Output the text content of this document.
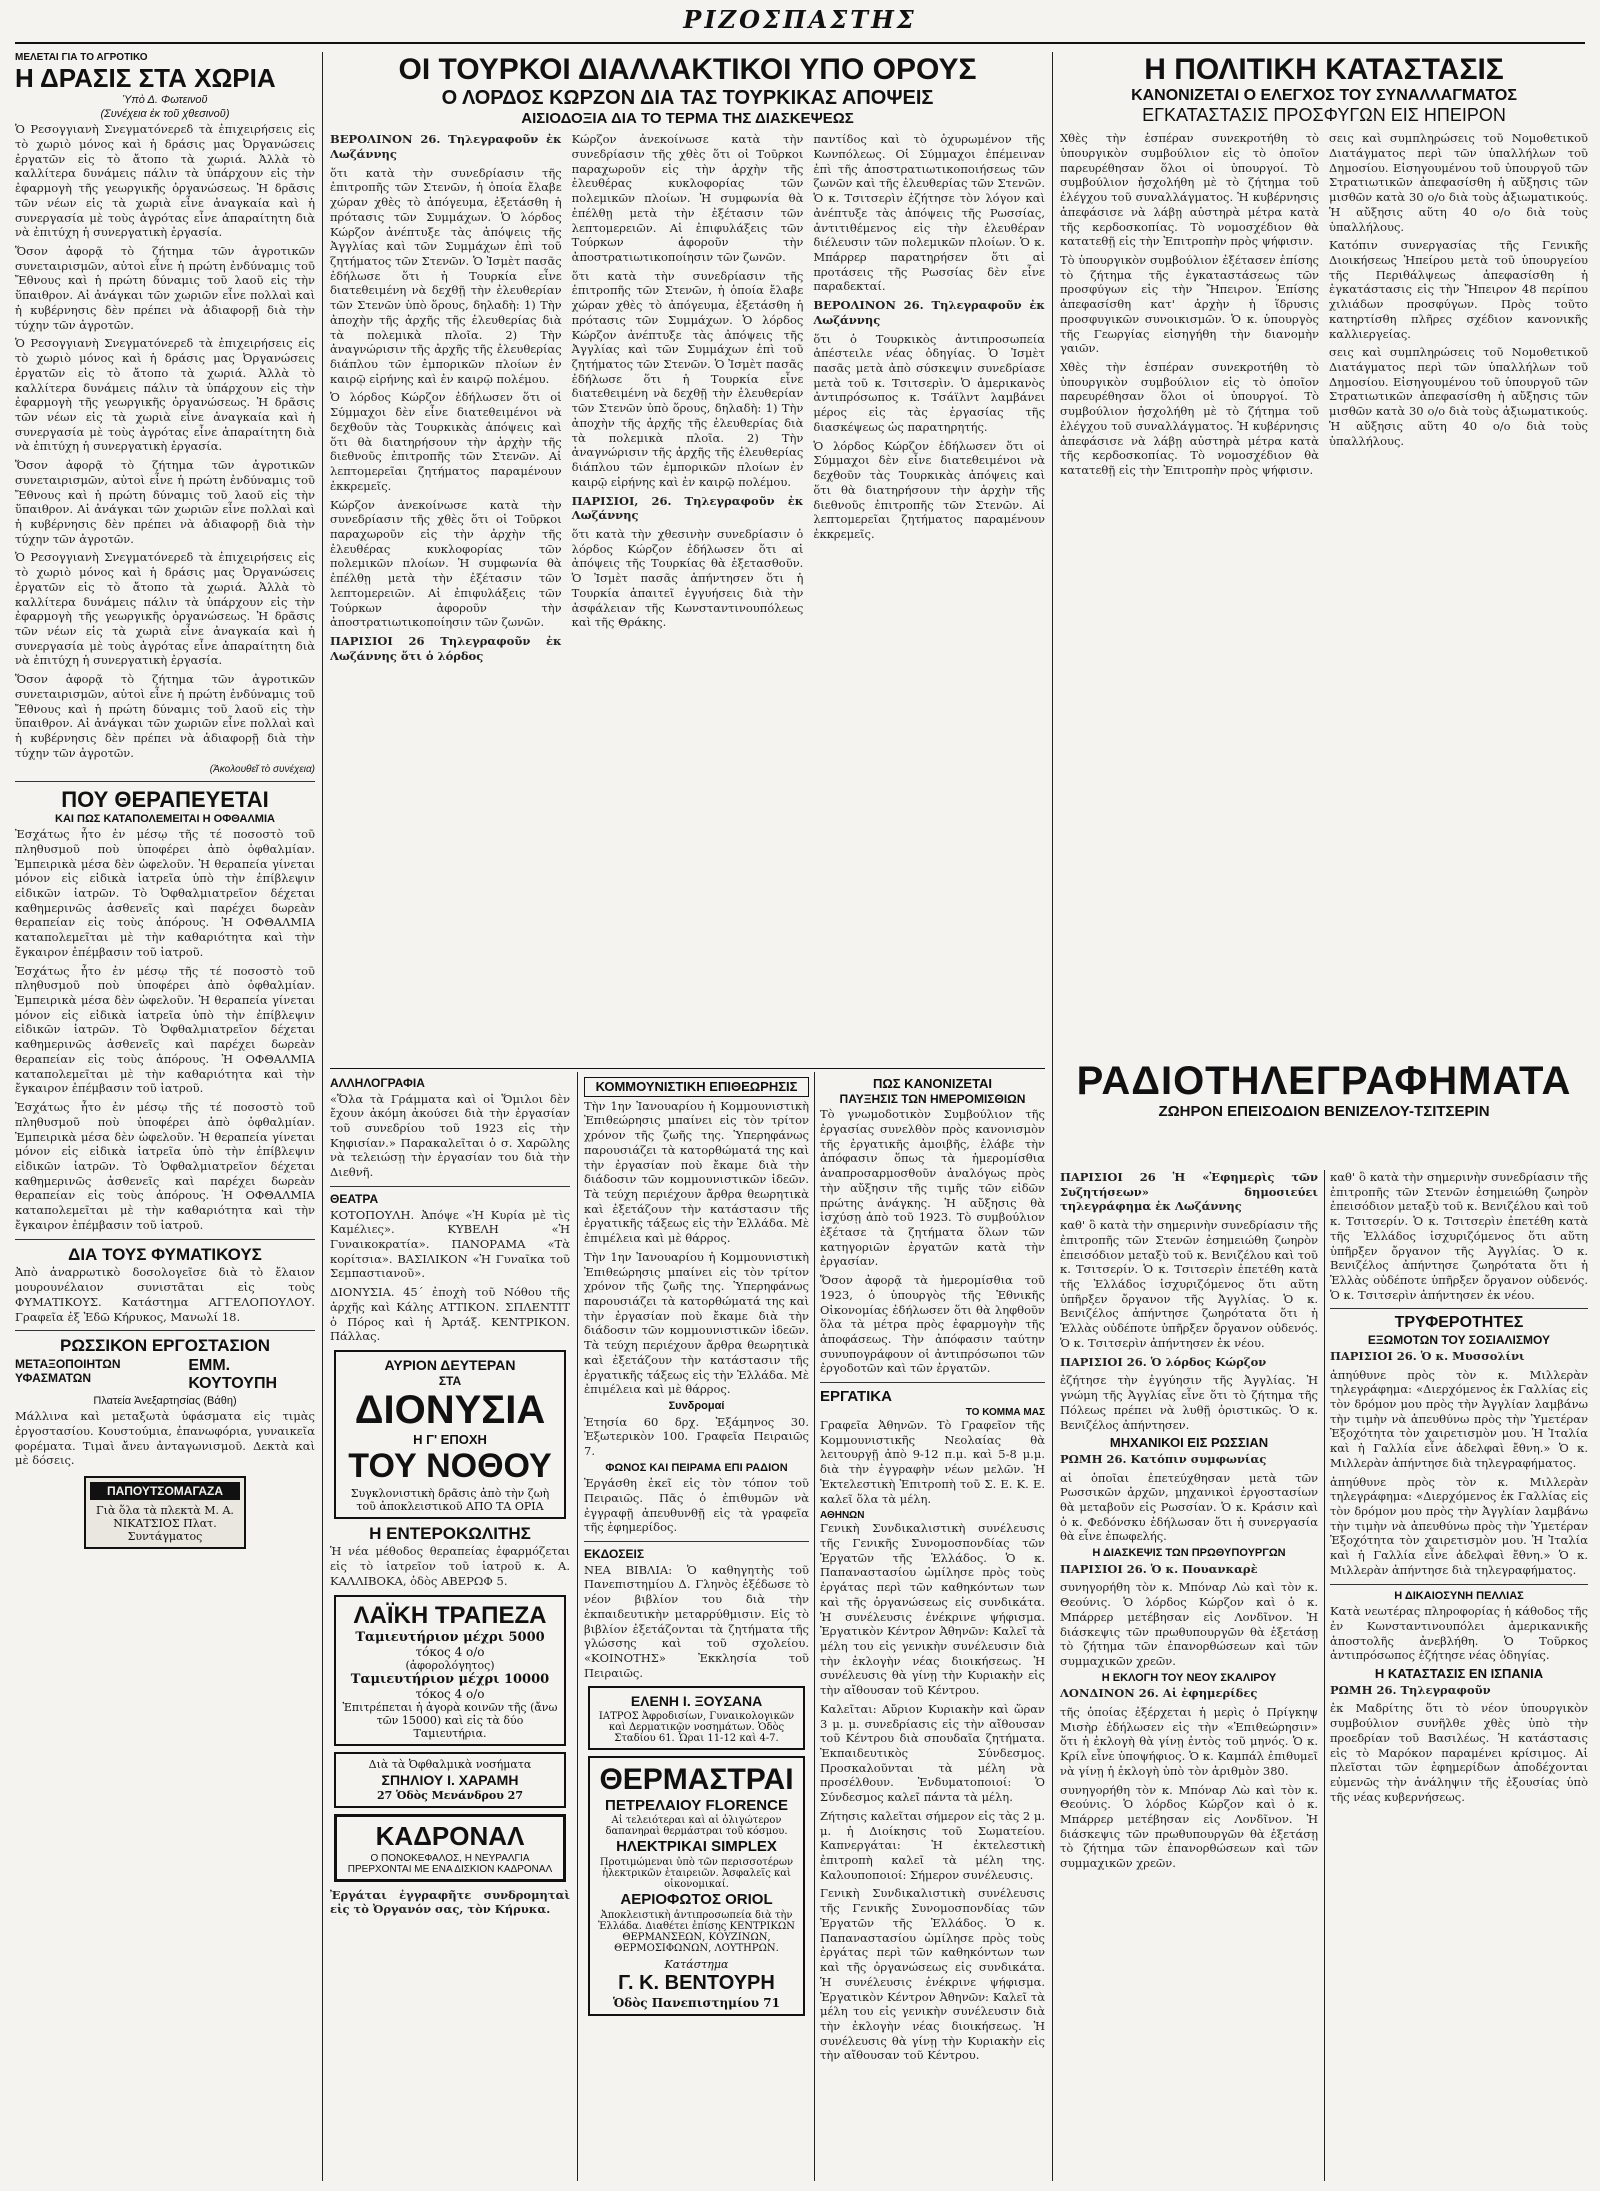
ΡΙΖΟΣΠΑΣΤΗΣ
ΜΕΛΕΤΑΙ ΓΙΑ ΤΟ ΑΓΡΟΤΙΚΟ
Η ΔΡΑΣΙΣ ΣΤΑ ΧΩΡΙΑ
Ὑπὸ Δ. Φωτεινοῦ
(Συνέχεια ἐκ τοῦ χθεσινοῦ)

Ὁ Ρεσογγιανὴ Σνεγματόνερεδ τὰ ἐπιχειρήσεις εἰς τὸ χωριὸ μόνος καὶ ἡ δράσις μας Ὀργανώσεις ἐργατῶν εἰς τὸ ἄτοπο τὰ χωριά. Ἀλλὰ τὸ καλλίτερα δυνάμεις πάλιν τὰ ὑπάρχουν εἰς τὴν ἐφαρμογὴ τῆς γεωργικῆς ὀργανώσεως. Ἡ δρᾶσις τῶν νέων εἰς τὰ χωριὰ εἶνε ἀναγκαία καὶ ἡ συνεργασία μὲ τοὺς ἀγρότας εἶνε ἀπαραίτητη διὰ νὰ ἐπιτύχη ἡ συνεργατικὴ ἐργασία.

Ὅσον ἀφορᾷ τὸ ζήτημα τῶν ἀγροτικῶν συνεταιρισμῶν, αὐτοὶ εἶνε ἡ πρώτη ἐνδύναμις τοῦ Ἔθνους καὶ ἡ πρώτη δύναμις τοῦ λαοῦ εἰς τὴν ὕπαιθρον. Αἱ ἀνάγκαι τῶν χωριῶν εἶνε πολλαὶ καὶ ἡ κυβέρνησις δὲν πρέπει νὰ ἀδιαφορῇ διὰ τὴν τύχην τῶν ἀγροτῶν.

Ὁ Ρεσογγιανὴ Σνεγματόνερεδ τὰ ἐπιχειρήσεις εἰς τὸ χωριὸ μόνος καὶ ἡ δράσις μας Ὀργανώσεις ἐργατῶν εἰς τὸ ἄτοπο τὰ χωριά. Ἀλλὰ τὸ καλλίτερα δυνάμεις πάλιν τὰ ὑπάρχουν εἰς τὴν ἐφαρμογὴ τῆς γεωργικῆς ὀργανώσεως. Ἡ δρᾶσις τῶν νέων εἰς τὰ χωριὰ εἶνε ἀναγκαία καὶ ἡ συνεργασία μὲ τοὺς ἀγρότας εἶνε ἀπαραίτητη διὰ νὰ ἐπιτύχη ἡ συνεργατικὴ ἐργασία.

Ὅσον ἀφορᾷ τὸ ζήτημα τῶν ἀγροτικῶν συνεταιρισμῶν, αὐτοὶ εἶνε ἡ πρώτη ἐνδύναμις τοῦ Ἔθνους καὶ ἡ πρώτη δύναμις τοῦ λαοῦ εἰς τὴν ὕπαιθρον. Αἱ ἀνάγκαι τῶν χωριῶν εἶνε πολλαὶ καὶ ἡ κυβέρνησις δὲν πρέπει νὰ ἀδιαφορῇ διὰ τὴν τύχην τῶν ἀγροτῶν.

Ὁ Ρεσογγιανὴ Σνεγματόνερεδ τὰ ἐπιχειρήσεις εἰς τὸ χωριὸ μόνος καὶ ἡ δράσις μας Ὀργανώσεις ἐργατῶν εἰς τὸ ἄτοπο τὰ χωριά. Ἀλλὰ τὸ καλλίτερα δυνάμεις πάλιν τὰ ὑπάρχουν εἰς τὴν ἐφαρμογὴ τῆς γεωργικῆς ὀργανώσεως. Ἡ δρᾶσις τῶν νέων εἰς τὰ χωριὰ εἶνε ἀναγκαία καὶ ἡ συνεργασία μὲ τοὺς ἀγρότας εἶνε ἀπαραίτητη διὰ νὰ ἐπιτύχη ἡ συνεργατικὴ ἐργασία.

Ὅσον ἀφορᾷ τὸ ζήτημα τῶν ἀγροτικῶν συνεταιρισμῶν, αὐτοὶ εἶνε ἡ πρώτη ἐνδύναμις τοῦ Ἔθνους καὶ ἡ πρώτη δύναμις τοῦ λαοῦ εἰς τὴν ὕπαιθρον. Αἱ ἀνάγκαι τῶν χωριῶν εἶνε πολλαὶ καὶ ἡ κυβέρνησις δὲν πρέπει νὰ ἀδιαφορῇ διὰ τὴν τύχην τῶν ἀγροτῶν.

(Ἀκολουθεῖ τὸ συνέχεια)
ΠΟΥ ΘΕΡΑΠΕΥΕΤΑΙ
ΚΑΙ ΠΩΣ ΚΑΤΑΠΟΛΕΜΕΙΤΑΙ Η ΟΦΘΑΛΜΙΑ

Ἐσχάτως ἦτο ἐν μέσῳ τῆς τέ ποσοστὸ τοῦ πληθυσμοῦ ποὺ ὑποφέρει ἀπὸ ὀφθαλμίαν. Ἐμπειρικὰ μέσα δὲν ὠφελοῦν. Ἡ θεραπεία γίνεται μόνον εἰς εἰδικὰ ἰατρεῖα ὑπὸ τὴν ἐπίβλεψιν εἰδικῶν ἰατρῶν. Τὸ Ὀφθαλμιατρεῖον δέχεται καθημερινῶς ἀσθενεῖς καὶ παρέχει δωρεὰν θεραπείαν εἰς τοὺς ἀπόρους. Ἡ ΟΦΘΑΛΜΙΑ καταπολεμεῖται μὲ τὴν καθαριότητα καὶ τὴν ἔγκαιρον ἐπέμβασιν τοῦ ἰατροῦ.

Ἐσχάτως ἦτο ἐν μέσῳ τῆς τέ ποσοστὸ τοῦ πληθυσμοῦ ποὺ ὑποφέρει ἀπὸ ὀφθαλμίαν. Ἐμπειρικὰ μέσα δὲν ὠφελοῦν. Ἡ θεραπεία γίνεται μόνον εἰς εἰδικὰ ἰατρεῖα ὑπὸ τὴν ἐπίβλεψιν εἰδικῶν ἰατρῶν. Τὸ Ὀφθαλμιατρεῖον δέχεται καθημερινῶς ἀσθενεῖς καὶ παρέχει δωρεὰν θεραπείαν εἰς τοὺς ἀπόρους. Ἡ ΟΦΘΑΛΜΙΑ καταπολεμεῖται μὲ τὴν καθαριότητα καὶ τὴν ἔγκαιρον ἐπέμβασιν τοῦ ἰατροῦ.

Ἐσχάτως ἦτο ἐν μέσῳ τῆς τέ ποσοστὸ τοῦ πληθυσμοῦ ποὺ ὑποφέρει ἀπὸ ὀφθαλμίαν. Ἐμπειρικὰ μέσα δὲν ὠφελοῦν. Ἡ θεραπεία γίνεται μόνον εἰς εἰδικὰ ἰατρεῖα ὑπὸ τὴν ἐπίβλεψιν εἰδικῶν ἰατρῶν. Τὸ Ὀφθαλμιατρεῖον δέχεται καθημερινῶς ἀσθενεῖς καὶ παρέχει δωρεὰν θεραπείαν εἰς τοὺς ἀπόρους. Ἡ ΟΦΘΑΛΜΙΑ καταπολεμεῖται μὲ τὴν καθαριότητα καὶ τὴν ἔγκαιρον ἐπέμβασιν τοῦ ἰατροῦ.

ΔΙΑ ΤΟΥΣ ΦΥΜΑΤΙΚΟΥΣ

Ἀπὸ ἀναρρωτικὸ δοσολογεῖσε διὰ τὸ ἔλαιον μουρουνέλαιον συνιστᾶται εἰς τοὺς ΦΥΜΑΤΙΚΟΥΣ. Κατάστημα ΑΓΓΕΛΟΠΟΥΛΟΥ. Γραφεῖα ἐξ Ἐδῶ Κήρυκος, Μανωλί 18.

ΡΩΣΣΙΚΟΝ ΕΡΓΟΣΤΑΣΙΟΝ
ΜΕΤΑΞΟΠΟΙΗΤΩΝ ΥΦΑΣΜΑΤΩΝ
ΕΜΜ. ΚΟΥΤΟΥΠΗ
Πλατεία Ἀνεξαρτησίας (Βάθη)

Μάλλινα καὶ μεταξωτὰ ὑφάσματα εἰς τιμὰς ἐργοστασίου. Κουστούμια, ἐπανωφόρια, γυναικεῖα φορέματα. Τιμαὶ ἄνευ ἀνταγωνισμοῦ. Δεκτὰ καὶ μὲ δόσεις.

ΠΑΠΟΥΤΣΟΜΑΓΑΖΑ
Γιὰ ὅλα τὰ πλεκτὰ Μ. Α. ΝΙΚΑΤΣΙΟΣ Πλατ. Συντάγματος
ΟΙ ΤΟΥΡΚΟΙ ΔΙΑΛΛΑΚΤΙΚΟΙ ΥΠΟ ΟΡΟΥΣ
Ο ΛΟΡΔΟΣ ΚΩΡΖΟΝ ΔΙΑ ΤΑΣ ΤΟΥΡΚΙΚΑΣ ΑΠΟΨΕΙΣ
ΑΙΣΙΟΔΟΞΙΑ ΔΙΑ ΤΟ ΤΕΡΜΑ ΤΗΣ ΔΙΑΣΚΕΨΕΩΣ

ΒΕΡΟΛΙΝΟΝ 26. Τηλεγραφοῦν ἐκ Λωζάννης

ὅτι κατὰ τὴν συνεδρίασιν τῆς ἐπιτροπῆς τῶν Στενῶν, ἡ ὁποία ἔλαβε χώραν χθὲς τὸ ἀπόγευμα, ἐξετάσθη ἡ πρότασις τῶν Συμμάχων. Ὁ λόρδος Κώρζον ἀνέπτυξε τὰς ἀπόψεις τῆς Ἀγγλίας καὶ τῶν Συμμάχων ἐπὶ τοῦ ζητήματος τῶν Στενῶν. Ὁ Ἰσμὲτ πασᾶς ἐδήλωσε ὅτι ἡ Τουρκία εἶνε διατεθειμένη νὰ δεχθῇ τὴν ἐλευθερίαν τῶν Στενῶν ὑπὸ ὅρους, δηλαδὴ: 1) Τὴν ἀποχὴν τῆς ἀρχῆς τῆς ἐλευθερίας διὰ τὰ πολεμικὰ πλοῖα. 2) Τὴν ἀναγνώρισιν τῆς ἀρχῆς τῆς ἐλευθερίας διάπλου τῶν ἐμπορικῶν πλοίων ἐν καιρῷ εἰρήνης καὶ ἐν καιρῷ πολέμου.

Ὁ λόρδος Κώρζον ἐδήλωσεν ὅτι οἱ Σύμμαχοι δὲν εἶνε διατεθειμένοι νὰ δεχθοῦν τὰς Τουρκικὰς ἀπόψεις καὶ ὅτι θὰ διατηρήσουν τὴν ἀρχὴν τῆς διεθνοῦς ἐπιτροπῆς τῶν Στενῶν. Αἱ λεπτομερεῖαι ζητήματος παραμένουν ἐκκρεμεῖς.

Κώρζον ἀνεκοίνωσε κατὰ τὴν συνεδρίασιν τῆς χθὲς ὅτι οἱ Τοῦρκοι παραχωροῦν εἰς τὴν ἀρχὴν τῆς ἐλευθέρας κυκλοφορίας τῶν πολεμικῶν πλοίων. Ἡ συμφωνία θὰ ἐπέλθῃ μετὰ τὴν ἐξέτασιν τῶν λεπτομερειῶν. Αἱ ἐπιφυλάξεις τῶν Τούρκων ἀφοροῦν τὴν ἀποστρατιωτικοποίησιν τῶν ζωνῶν.

ΠΑΡΙΣΙΟΙ 26 Τηλεγραφοῦν ἐκ Λωζάννης ὅτι ὁ λόρδος

Κώρζον ἀνεκοίνωσε κατὰ τὴν συνεδρίασιν τῆς χθὲς ὅτι οἱ Τοῦρκοι παραχωροῦν εἰς τὴν ἀρχὴν τῆς ἐλευθέρας κυκλοφορίας τῶν πολεμικῶν πλοίων. Ἡ συμφωνία θὰ ἐπέλθῃ μετὰ τὴν ἐξέτασιν τῶν λεπτομερειῶν. Αἱ ἐπιφυλάξεις τῶν Τούρκων ἀφοροῦν τὴν ἀποστρατιωτικοποίησιν τῶν ζωνῶν.

ὅτι κατὰ τὴν συνεδρίασιν τῆς ἐπιτροπῆς τῶν Στενῶν, ἡ ὁποία ἔλαβε χώραν χθὲς τὸ ἀπόγευμα, ἐξετάσθη ἡ πρότασις τῶν Συμμάχων. Ὁ λόρδος Κώρζον ἀνέπτυξε τὰς ἀπόψεις τῆς Ἀγγλίας καὶ τῶν Συμμάχων ἐπὶ τοῦ ζητήματος τῶν Στενῶν. Ὁ Ἰσμὲτ πασᾶς ἐδήλωσε ὅτι ἡ Τουρκία εἶνε διατεθειμένη νὰ δεχθῇ τὴν ἐλευθερίαν τῶν Στενῶν ὑπὸ ὅρους, δηλαδὴ: 1) Τὴν ἀποχὴν τῆς ἀρχῆς τῆς ἐλευθερίας διὰ τὰ πολεμικὰ πλοῖα. 2) Τὴν ἀναγνώρισιν τῆς ἀρχῆς τῆς ἐλευθερίας διάπλου τῶν ἐμπορικῶν πλοίων ἐν καιρῷ εἰρήνης καὶ ἐν καιρῷ πολέμου.

ΠΑΡΙΣΙΟΙ, 26. Τηλεγραφοῦν ἐκ Λωζάννης

ὅτι κατὰ τὴν χθεσινὴν συνεδρίασιν ὁ λόρδος Κώρζον ἐδήλωσεν ὅτι αἱ ἀπόψεις τῆς Τουρκίας θὰ ἐξετασθοῦν. Ὁ Ἰσμὲτ πασᾶς ἀπήντησεν ὅτι ἡ Τουρκία ἀπαιτεῖ ἐγγυήσεις διὰ τὴν ἀσφάλειαν τῆς Κωνσταντινουπόλεως καὶ τῆς Θράκης.

παντίδος καὶ τὸ ὀχυρωμένον τῆς Κωνπόλεως. Οἱ Σύμμαχοι ἐπέμειναν ἐπὶ τῆς ἀποστρατιωτικοποιήσεως τῶν ζωνῶν καὶ τῆς ἐλευθερίας τῶν Στενῶν. Ὁ κ. Τσιτσερὶν ἐζήτησε τὸν λόγον καὶ ἀνέπτυξε τὰς ἀπόψεις τῆς Ρωσσίας, ἀντιτιθέμενος εἰς τὴν ἐλευθέραν διέλευσιν τῶν πολεμικῶν πλοίων. Ὁ κ. Μπάρρερ παρατηρήσεν ὅτι αἱ προτάσεις τῆς Ρωσσίας δὲν εἶνε παραδεκταί.

ΒΕΡΟΛΙΝΟΝ 26. Τηλεγραφοῦν ἐκ Λωζάννης

ὅτι ὁ Τουρκικὸς ἀντιπροσωπεία ἀπέστειλε νέας ὁδηγίας. Ὁ Ἰσμὲτ πασᾶς μετὰ ἀπὸ σύσκεψιν συνεδρίασε μετὰ τοῦ κ. Τσιτσερὶν. Ὁ ἀμερικανὸς ἀντιπρόσωπος κ. Τσάϊλντ λαμβάνει μέρος εἰς τὰς ἐργασίας τῆς διασκέψεως ὡς παρατηρητής.

Ὁ λόρδος Κώρζον ἐδήλωσεν ὅτι οἱ Σύμμαχοι δὲν εἶνε διατεθειμένοι νὰ δεχθοῦν τὰς Τουρκικὰς ἀπόψεις καὶ ὅτι θὰ διατηρήσουν τὴν ἀρχὴν τῆς διεθνοῦς ἐπιτροπῆς τῶν Στενῶν. Αἱ λεπτομερεῖαι ζητήματος παραμένουν ἐκκρεμεῖς.

ΑΛΛΗΛΟΓΡΑΦΙΑ

«Ὅλα τὰ Γράμματα καὶ οἱ Ὅμιλοι δὲν ἔχουν ἀκόμη ἀκούσει διὰ τὴν ἐργασίαν τοῦ συνεδρίου τοῦ 1923 εἰς τὴν Κηφισίαν.» Παρακαλεῖται ὁ σ. Χαρῶλης νὰ τελειώσῃ τὴν ἐργασίαν του διὰ τὴν Διεθνῆ.

ΘΕΑΤΡΑ

ΚΟΤΟΠΟΥΛΗ. Ἀπόψε «Ἡ Κυρία μὲ τὶς Καμέλιες». ΚΥΒΕΛΗ «Ἡ Γυναικοκρατία». ΠΑΝΟΡΑΜΑ «Τὰ κορίτσια». ΒΑΣΙΛΙΚΟΝ «Ἡ Γυναῖκα τοῦ Σεμπαστιανοῦ».

ΔΙΟΝΥΣΙΑ. 45΄ ἐποχὴ τοῦ Νόθου τῆς ἀρχῆς καὶ Κάλης ΑΤΤΙΚΟΝ. ΣΠΛΕΝΤΙΤ ὁ Πόρος καὶ ἡ Ἀρτάξ. ΚΕΝΤΡΙΚΟΝ. Πάλλας.

ΑΥΡΙΟΝ ΔΕΥΤΕΡΑΝ
ΣΤΑ
ΔΙΟΝΥΣΙΑ
Η Γ' ΕΠΟΧΗ
ΤΟΥ ΝΟΘΟΥ
Συγκλονιστικὴ δρᾶσις ἀπὸ τὴν ζωὴ τοῦ ἀποκλειστικοῦ ΑΠΟ ΤΑ ΟΡΙΑ
Η ΕΝΤΕΡΟΚΩΛΙΤΗΣ

Ἡ νέα μέθοδος θεραπείας ἐφαρμόζεται εἰς τὸ ἰατρεῖον τοῦ ἰατροῦ κ. Α. ΚΑΛΛΙΒΟΚΑ, ὁδὸς ΑΒΕΡΩΦ 5.

ΛΑΪΚΗ ΤΡΑΠΕΖΑ
Ταμιευτήριον μέχρι 5000
τόκος 4 ο/ο
(ἀφορολόγητος)
Ταμιευτήριον μέχρι 10000
τόκος 4 ο/ο
Ἐπιτρέπεται ἡ ἀγορὰ κοινῶν τῆς (ἄνω τῶν 15000) καὶ εἰς τὰ δύο Ταμιευτήρια.
Διὰ τὰ Ὀφθαλμικὰ νοσήματα
ΣΠΗΛΙΟΥ Ι. ΧΑΡΑΜΗ
27 Ὁδὸς Μενάνδρου 27
ΚΑΔΡΟΝΑΛ
Ο ΠΟΝΟΚΕΦΑΛΟΣ, Η ΝΕΥΡΑΛΓΙΑ ΠΡΕΡΧΟΝΤΑΙ ΜΕ ΕΝΑ ΔΙΣΚΙΟΝ ΚΑΔΡΟΝΑΛ

Ἐργάται ἐγγραφῆτε συνδρομηταὶ εἰς τὸ Ὀργανόν σας, τὸν Κήρυκα.

ΚΟΜΜΟΥΝΙΣΤΙΚΗ ΕΠΙΘΕΩΡΗΣΙΣ

Τὴν 1ην Ἰανουαρίου ἡ Κομμουνιστικὴ Ἐπιθεώρησις μπαίνει εἰς τὸν τρίτον χρόνον τῆς ζωῆς της. Ὑπερηφάνως παρουσιάζει τὰ κατορθώματά της καὶ τὴν ἐργασίαν ποὺ ἔκαμε διὰ τὴν διάδοσιν τῶν κομμουνιστικῶν ἰδεῶν. Τὰ τεύχη περιέχουν ἄρθρα θεωρητικὰ καὶ ἐξετάζουν τὴν κατάστασιν τῆς ἐργατικῆς τάξεως εἰς τὴν Ἑλλάδα. Μὲ ἐπιμέλεια καὶ μὲ θάρρος.

Τὴν 1ην Ἰανουαρίου ἡ Κομμουνιστικὴ Ἐπιθεώρησις μπαίνει εἰς τὸν τρίτον χρόνον τῆς ζωῆς της. Ὑπερηφάνως παρουσιάζει τὰ κατορθώματά της καὶ τὴν ἐργασίαν ποὺ ἔκαμε διὰ τὴν διάδοσιν τῶν κομμουνιστικῶν ἰδεῶν. Τὰ τεύχη περιέχουν ἄρθρα θεωρητικὰ καὶ ἐξετάζουν τὴν κατάστασιν τῆς ἐργατικῆς τάξεως εἰς τὴν Ἑλλάδα. Μὲ ἐπιμέλεια καὶ μὲ θάρρος.

Συνδρομαί

Ἐτησία 60 δρχ. Ἑξάμηνος 30. Ἐξωτερικὸν 100. Γραφεῖα Πειραιῶς 7.

ΦΩΝΟΣ ΚΑΙ ΠΕΙΡΑΜΑ ΕΠΙ ΡΑΔΙΟΝ

Ἐργάσθη ἐκεῖ εἰς τὸν τόπον τοῦ Πειραιῶς. Πᾶς ὁ ἐπιθυμῶν νὰ ἐγγραφῇ ἀπευθυνθῇ εἰς τὰ γραφεῖα τῆς ἐφημερίδος.

ΕΚΔΟΣΕΙΣ

ΝΕΑ ΒΙΒΛΙΑ: Ὁ καθηγητὴς τοῦ Πανεπιστημίου Δ. Γληνὸς ἐξέδωσε τὸ νέον βιβλίον του διὰ τὴν ἐκπαιδευτικὴν μεταρρύθμισιν. Εἰς τὸ βιβλίον ἐξετάζονται τὰ ζητήματα τῆς γλώσσης καὶ τοῦ σχολείου. «ΚΟΙΝΟΤΗΣ» Ἐκκλησία τοῦ Πειραιῶς.

ΕΛΕΝΗ Ι. ΞΟΥΣΑΝΑ
ΙΑΤΡΟΣ Ἀφροδισίων, Γυναικολογικῶν καὶ Δερματικῶν νοσημάτων. Ὁδὸς Σταδίου 61. Ὧραι 11-12 καὶ 4-7.
ΘΕΡΜΑΣΤΡΑΙ
ΠΕΤΡΕΛΑΙΟΥ FLORENCE
Αἱ τελειότεραι καὶ αἱ ὀλιγώτερον δαπανηραὶ θερμάστραι τοῦ κόσμου.
ΗΛΕΚΤΡΙΚΑΙ SIMPLEX
Προτιμώμεναι ὑπὸ τῶν περισσοτέρων ἠλεκτρικῶν ἑταιρειῶν. Ἀσφαλεῖς καὶ οἰκονομικαί.
ΑΕΡΙΟΦΩΤΟΣ ORIOL
Ἀποκλειστικὴ ἀντιπροσωπεία διὰ τὴν Ἑλλάδα. Διαθέτει ἐπίσης ΚΕΝΤΡΙΚΩΝ ΘΕΡΜΑΝΣΕΩΝ, ΚΟΥΖΙΝΩΝ, ΘΕΡΜΟΣΙΦΩΝΩΝ, ΛΟΥΤΗΡΩΝ.
Κατάστημα
Γ. Κ. ΒΕΝΤΟΥΡΗ
Ὁδὸς Πανεπιστημίου 71
ΠΩΣ ΚΑΝΟΝΙΖΕΤΑΙ
ΠΑΥΞΗΣΙΣ ΤΩΝ ΗΜΕΡΟΜΙΣΘΙΩΝ

Τὸ γνωμοδοτικὸν Συμβούλιον τῆς ἐργασίας συνελθὸν πρὸς κανονισμὸν τῆς ἐργατικῆς ἀμοιβῆς, ἐλάβε τὴν ἀπόφασιν ὅπως τὰ ἡμερομίσθια ἀναπροσαρμοσθοῦν ἀναλόγως πρὸς τὴν αὔξησιν τῆς τιμῆς τῶν εἰδῶν πρώτης ἀνάγκης. Ἡ αὔξησις θὰ ἰσχύσῃ ἀπὸ τοῦ 1923. Τὸ συμβούλιον ἐξέτασε τὰ ζητήματα ὅλων τῶν κατηγοριῶν ἐργατῶν κατὰ τὴν ἐργασίαν.

Ὅσον ἀφορᾷ τὰ ἡμερομίσθια τοῦ 1923, ὁ ὑπουργὸς τῆς Ἐθνικῆς Οἰκονομίας ἐδήλωσεν ὅτι θὰ ληφθοῦν ὅλα τὰ μέτρα πρὸς ἐφαρμογὴν τῆς ἀποφάσεως. Τὴν ἀπόφασιν ταύτην συνυπογράφουν οἱ ἀντιπρόσωποι τῶν ἐργοδοτῶν καὶ τῶν ἐργατῶν.

ΕΡΓΑΤΙΚΑ
ΤΟ ΚΟΜΜΑ ΜΑΣ

Γραφεῖα Ἀθηνῶν. Τὸ Γραφεῖον τῆς Κομμουνιστικῆς Νεολαίας θὰ λειτουργῇ ἀπὸ 9-12 π.μ. καὶ 5-8 μ.μ. διὰ τὴν ἐγγραφὴν νέων μελῶν. Ἡ Ἐκτελεστικὴ Ἐπιτροπὴ τοῦ Σ. Ε. Κ. Ε. καλεῖ ὅλα τὰ μέλη.

ΑΘΗΝΩΝ

Γενικὴ Συνδικαλιστικὴ συνέλευσις τῆς Γενικῆς Συνομοσπονδίας τῶν Ἐργατῶν τῆς Ἑλλάδος. Ὁ κ. Παπαναστασίου ὡμίλησε πρὸς τοὺς ἐργάτας περὶ τῶν καθηκόντων των καὶ τῆς ὀργανώσεως εἰς συνδικάτα. Ἡ συνέλευσις ἐνέκρινε ψήφισμα. Ἐργατικὸν Κέντρον Ἀθηνῶν: Καλεῖ τὰ μέλη του εἰς γενικὴν συνέλευσιν διὰ τὴν ἐκλογὴν νέας διοικήσεως. Ἡ συνέλευσις θὰ γίνῃ τὴν Κυριακὴν εἰς τὴν αἴθουσαν τοῦ Κέντρου.

Καλεῖται: Αὔριον Κυριακὴν καὶ ὥραν 3 μ. μ. συνεδρίασις εἰς τὴν αἴθουσαν τοῦ Κέντρου διὰ σπουδαῖα ζητήματα. Ἐκπαιδευτικὸς Σύνδεσμος. Προσκαλοῦνται τὰ μέλη νὰ προσέλθουν. Ἐνδυματοποιοί: Ὁ Σύνδεσμος καλεῖ πάντα τὰ μέλη.

Ζήτησις καλεῖται σήμερον εἰς τὰς 2 μ. μ. ἡ Διοίκησις τοῦ Σωματείου. Καπνεργάται: Ἡ ἐκτελεστικὴ ἐπιτροπὴ καλεῖ τὰ μέλη της. Καλουποποιοί: Σήμερον συνέλευσις.

Γενικὴ Συνδικαλιστικὴ συνέλευσις τῆς Γενικῆς Συνομοσπονδίας τῶν Ἐργατῶν τῆς Ἑλλάδος. Ὁ κ. Παπαναστασίου ὡμίλησε πρὸς τοὺς ἐργάτας περὶ τῶν καθηκόντων των καὶ τῆς ὀργανώσεως εἰς συνδικάτα. Ἡ συνέλευσις ἐνέκρινε ψήφισμα. Ἐργατικὸν Κέντρον Ἀθηνῶν: Καλεῖ τὰ μέλη του εἰς γενικὴν συνέλευσιν διὰ τὴν ἐκλογὴν νέας διοικήσεως. Ἡ συνέλευσις θὰ γίνῃ τὴν Κυριακὴν εἰς τὴν αἴθουσαν τοῦ Κέντρου.

Η ΠΟΛΙΤΙΚΗ ΚΑΤΑΣΤΑΣΙΣ
ΚΑΝΟΝΙΖΕΤΑΙ Ο ΕΛΕΓΧΟΣ ΤΟΥ ΣΥΝΑΛΛΑΓΜΑΤΟΣ
ΕΓΚΑΤΑΣΤΑΣΙΣ ΠΡΟΣΦΥΓΩΝ ΕΙΣ ΗΠΕΙΡΟΝ

Χθὲς τὴν ἑσπέραν συνεκροτήθη τὸ ὑπουργικὸν συμβούλιον εἰς τὸ ὁποῖον παρευρέθησαν ὅλοι οἱ ὑπουργοί. Τὸ συμβούλιον ἠσχολήθη μὲ τὸ ζήτημα τοῦ ἐλέγχου τοῦ συναλλάγματος. Ἡ κυβέρνησις ἀπεφάσισε νὰ λάβῃ αὐστηρὰ μέτρα κατὰ τῆς κερδοσκοπίας. Τὸ νομοσχέδιον θὰ κατατεθῇ εἰς τὴν Ἐπιτροπὴν πρὸς ψήφισιν.

Τὸ ὑπουργικὸν συμβούλιον ἐξέτασεν ἐπίσης τὸ ζήτημα τῆς ἐγκαταστάσεως τῶν προσφύγων εἰς τὴν Ἤπειρον. Ἐπίσης ἀπεφασίσθη κατ' ἀρχὴν ἡ ἵδρυσις προσφυγικῶν συνοικισμῶν. Ὁ κ. ὑπουργὸς τῆς Γεωργίας εἰσηγήθη τὴν διανομὴν γαιῶν.

Χθὲς τὴν ἑσπέραν συνεκροτήθη τὸ ὑπουργικὸν συμβούλιον εἰς τὸ ὁποῖον παρευρέθησαν ὅλοι οἱ ὑπουργοί. Τὸ συμβούλιον ἠσχολήθη μὲ τὸ ζήτημα τοῦ ἐλέγχου τοῦ συναλλάγματος. Ἡ κυβέρνησις ἀπεφάσισε νὰ λάβῃ αὐστηρὰ μέτρα κατὰ τῆς κερδοσκοπίας. Τὸ νομοσχέδιον θὰ κατατεθῇ εἰς τὴν Ἐπιτροπὴν πρὸς ψήφισιν.

σεις καὶ συμπληρώσεις τοῦ Νομοθετικοῦ Διατάγματος περὶ τῶν ὑπαλλήλων τοῦ Δημοσίου. Εἰσηγουμένου τοῦ ὑπουργοῦ τῶν Στρατιωτικῶν ἀπεφασίσθη ἡ αὔξησις τῶν μισθῶν κατὰ 30 ο/ο διὰ τοὺς ἀξιωματικούς. Ἡ αὔξησις αὕτη 40 ο/ο διὰ τοὺς ὑπαλλήλους.

Κατόπιν συνεργασίας τῆς Γενικῆς Διοικήσεως Ἠπείρου μετὰ τοῦ ὑπουργείου τῆς Περιθάλψεως ἀπεφασίσθη ἡ ἐγκατάστασις εἰς τὴν Ἤπειρον 48 περίπου χιλιάδων προσφύγων. Πρὸς τοῦτο κατηρτίσθη πλῆρες σχέδιον κανονικῆς καλλιεργείας.

σεις καὶ συμπληρώσεις τοῦ Νομοθετικοῦ Διατάγματος περὶ τῶν ὑπαλλήλων τοῦ Δημοσίου. Εἰσηγουμένου τοῦ ὑπουργοῦ τῶν Στρατιωτικῶν ἀπεφασίσθη ἡ αὔξησις τῶν μισθῶν κατὰ 30 ο/ο διὰ τοὺς ἀξιωματικούς. Ἡ αὔξησις αὕτη 40 ο/ο διὰ τοὺς ὑπαλλήλους.

ΡΑΔΙΟΤΗΛΕΓΡΑΦΗΜΑΤΑ
ΖΩΗΡΟΝ ΕΠΕΙΣΟΔΙΟΝ ΒΕΝΙΖΕΛΟΥ-ΤΣΙΤΣΕΡΙΝ

ΠΑΡΙΣΙΟΙ 26 Ἡ «Ἐφημερὶς τῶν Συζητήσεων» δημοσιεύει τηλεγράφημα ἐκ Λωζάννης

καθ' ὃ κατὰ τὴν σημερινὴν συνεδρίασιν τῆς ἐπιτροπῆς τῶν Στενῶν ἐσημειώθη ζωηρὸν ἐπεισόδιον μεταξὺ τοῦ κ. Βενιζέλου καὶ τοῦ κ. Τσιτσερίν. Ὁ κ. Τσιτσερὶν ἐπετέθη κατὰ τῆς Ἑλλάδος ἰσχυριζόμενος ὅτι αὕτη ὑπῆρξεν ὄργανον τῆς Ἀγγλίας. Ὁ κ. Βενιζέλος ἀπήντησε ζωηρότατα ὅτι ἡ Ἑλλὰς οὐδέποτε ὑπῆρξεν ὄργανον οὐδενός. Ὁ κ. Τσιτσερὶν ἀπήντησεν ἐκ νέου.

ΠΑΡΙΣΙΟΙ 26. Ὁ λόρδος Κώρζον

ἐζήτησε τὴν ἐγγύησιν τῆς Ἀγγλίας. Ἡ γνώμη τῆς Ἀγγλίας εἶνε ὅτι τὸ ζήτημα τῆς Πόλεως πρέπει νὰ λυθῇ ὁριστικῶς. Ὁ κ. Βενιζέλος ἀπήντησεν.

ΜΗΧΑΝΙΚΟΙ ΕΙΣ ΡΩΣΣΙΑΝ

ΡΩΜΗ 26. Κατόπιν συμφωνίας

αἱ ὁποῖαι ἐπετεύχθησαν μετὰ τῶν Ρωσσικῶν ἀρχῶν, μηχανικοὶ ἐργοστασίων θὰ μεταβοῦν εἰς Ρωσσίαν. Ὁ κ. Κράσιν καὶ ὁ κ. Φεδόνσκυ ἐδήλωσαν ὅτι ἡ συνεργασία θὰ εἶνε ἐπωφελής.

Η ΔΙΑΣΚΕΨΙΣ ΤΩΝ ΠΡΩΘΥΠΟΥΡΓΩΝ

ΠΑΡΙΣΙΟΙ 26. Ὁ κ. Πουανκαρὲ

συνηγορήθη τὸν κ. Μπόναρ Λὼ καὶ τὸν κ. Θεούνις. Ὁ λόρδος Κώρζον καὶ ὁ κ. Μπάρρερ μετέβησαν εἰς Λονδῖνον. Ἡ διάσκεψις τῶν πρωθυπουργῶν θὰ ἐξετάσῃ τὸ ζήτημα τῶν ἐπανορθώσεων καὶ τῶν συμμαχικῶν χρεῶν.

Η ΕΚΛΟΓΗ ΤΟΥ ΝΕΟΥ ΣΚΑΛΙΡΟΥ

ΛΟΝΔΙΝΟΝ 26. Αἱ ἐφημερίδες

τῆς ὁποίας ἐξέρχεται ἡ μερὶς ὁ Πρίγκηψ Μισὴρ ἐδήλωσεν εἰς τὴν «Ἐπιθεώρησιν» ὅτι ἡ ἐκλογὴ θὰ γίνῃ ἐντὸς τοῦ μηνός. Ὁ κ. Κρίλ εἶνε ὑποψήφιος. Ὁ κ. Καμπάλ ἐπιθυμεῖ νὰ γίνῃ ἡ ἐκλογὴ ὑπὸ τὸν ἀριθμὸν 380.

συνηγορήθη τὸν κ. Μπόναρ Λὼ καὶ τὸν κ. Θεούνις. Ὁ λόρδος Κώρζον καὶ ὁ κ. Μπάρρερ μετέβησαν εἰς Λονδῖνον. Ἡ διάσκεψις τῶν πρωθυπουργῶν θὰ ἐξετάσῃ τὸ ζήτημα τῶν ἐπανορθώσεων καὶ τῶν συμμαχικῶν χρεῶν.

καθ' ὃ κατὰ τὴν σημερινὴν συνεδρίασιν τῆς ἐπιτροπῆς τῶν Στενῶν ἐσημειώθη ζωηρὸν ἐπεισόδιον μεταξὺ τοῦ κ. Βενιζέλου καὶ τοῦ κ. Τσιτσερίν. Ὁ κ. Τσιτσερὶν ἐπετέθη κατὰ τῆς Ἑλλάδος ἰσχυριζόμενος ὅτι αὕτη ὑπῆρξεν ὄργανον τῆς Ἀγγλίας. Ὁ κ. Βενιζέλος ἀπήντησε ζωηρότατα ὅτι ἡ Ἑλλὰς οὐδέποτε ὑπῆρξεν ὄργανον οὐδενός. Ὁ κ. Τσιτσερὶν ἀπήντησεν ἐκ νέου.

ΤΡΥΦΕΡΟΤΗΤΕΣ
ΕΞΩΜΟΤΩΝ ΤΟΥ ΣΟΣΙΑΛΙΣΜΟΥ

ΠΑΡΙΣΙΟΙ 26. Ὁ κ. Μυσσολίνι

ἀπηύθυνε πρὸς τὸν κ. Μιλλερὰν τηλεγράφημα: «Διερχόμενος ἐκ Γαλλίας εἰς τὸν δρόμον μου πρὸς τὴν Ἀγγλίαν λαμβάνω τὴν τιμὴν νὰ ἀπευθύνω πρὸς τὴν Ὑμετέραν Ἐξοχότητα τὸν χαιρετισμὸν μου. Ἡ Ἰταλία καὶ ἡ Γαλλία εἶνε ἀδελφαὶ ἔθνη.» Ὁ κ. Μιλλερὰν ἀπήντησε διὰ τηλεγραφήματος.

ἀπηύθυνε πρὸς τὸν κ. Μιλλερὰν τηλεγράφημα: «Διερχόμενος ἐκ Γαλλίας εἰς τὸν δρόμον μου πρὸς τὴν Ἀγγλίαν λαμβάνω τὴν τιμὴν νὰ ἀπευθύνω πρὸς τὴν Ὑμετέραν Ἐξοχότητα τὸν χαιρετισμὸν μου. Ἡ Ἰταλία καὶ ἡ Γαλλία εἶνε ἀδελφαὶ ἔθνη.» Ὁ κ. Μιλλερὰν ἀπήντησε διὰ τηλεγραφήματος.

Η ΔΙΚΑΙΟΣΥΝΗ ΠΕΛΛΙΑΣ

Κατὰ νεωτέρας πληροφορίας ἡ κάθοδος τῆς ἐν Κωνσταντινουπόλει ἀμερικανικῆς ἀποστολῆς ἀνεβλήθη. Ὁ Τοῦρκος ἀντιπρόσωπος ἐζήτησε νέας ὁδηγίας.

Η ΚΑΤΑΣΤΑΣΙΣ ΕΝ ΙΣΠΑΝΙΑ

ΡΩΜΗ 26. Τηλεγραφοῦν

ἐκ Μαδρίτης ὅτι τὸ νέον ὑπουργικὸν συμβούλιον συνῆλθε χθὲς ὑπὸ τὴν προεδρίαν τοῦ Βασιλέως. Ἡ κατάστασις εἰς τὸ Μαρόκον παραμένει κρίσιμος. Αἱ πλεῖσται τῶν ἐφημερίδων ἀποδέχονται εὐμενῶς τὴν ἀνάληψιν τῆς ἐξουσίας ὑπὸ τῆς νέας κυβερνήσεως.
